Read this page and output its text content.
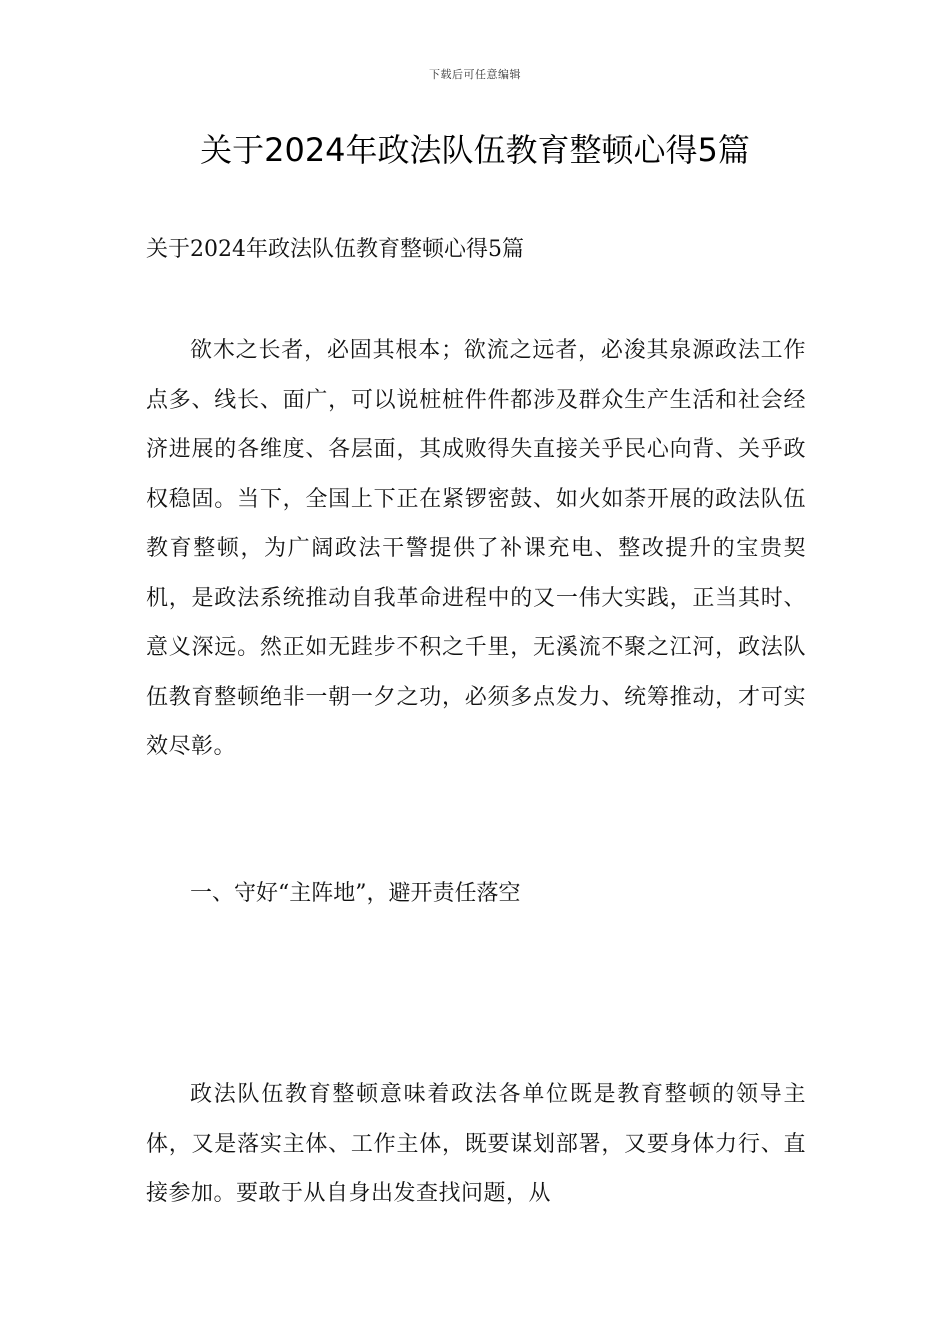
下载后可任意编辑
关于2024年政法队伍教育整顿心得5篇

关于2024年政法队伍教育整顿心得5篇

欲木之长者，必固其根本；欲流之远者，必浚其泉源政法工作点多、线长、面广，可以说桩桩件件都涉及群众生产生活和社会经济进展的各维度、各层面，其成败得失直接关乎民心向背、关乎政权稳固。当下，全国上下正在紧锣密鼓、如火如荼开展的政法队伍教育整顿，为广阔政法干警提供了补课充电、整改提升的宝贵契机，是政法系统推动自我革命进程中的又一伟大实践，正当其时、意义深远。然正如无跬步不积之千里，无溪流不聚之江河，政法队伍教育整顿绝非一朝一夕之功，必须多点发力、统筹推动，才可实效尽彰。

一、守好“主阵地”，避开责任落空

政法队伍教育整顿意味着政法各单位既是教育整顿的领导主体，又是落实主体、工作主体，既要谋划部署，又要身体力行、直接参加。要敢于从自身出发查找问题，从
